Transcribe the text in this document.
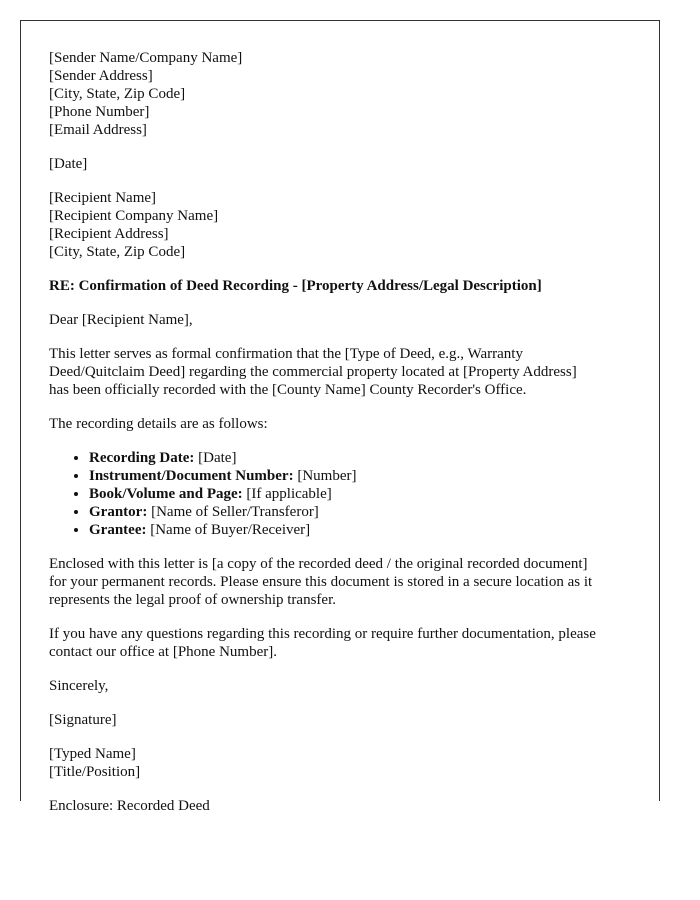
[Sender Name/Company Name]
[Sender Address]
[City, State, Zip Code]
[Phone Number]
[Email Address]
[Date]
[Recipient Name]
[Recipient Company Name]
[Recipient Address]
[City, State, Zip Code]
RE: Confirmation of Deed Recording - [Property Address/Legal Description]
Dear [Recipient Name],
This letter serves as formal confirmation that the [Type of Deed, e.g., Warranty
Deed/Quitclaim Deed] regarding the commercial property located at [Property Address]
has been officially recorded with the [County Name] County Recorder's Office.
The recording details are as follows:
• Recording Date: [Date]
• Instrument/Document Number: [Number]
• Book/Volume and Page: [If applicable]
• Grantor: [Name of Seller/Transferor]
• Grantee: [Name of Buyer/Receiver]
Enclosed with this letter is [a copy of the recorded deed / the original recorded document]
for your permanent records. Please ensure this document is stored in a secure location as it
represents the legal proof of ownership transfer.
If you have any questions regarding this recording or require further documentation, please
contact our office at [Phone Number].
Sincerely,
[Signature]
[Typed Name]
[Title/Position]
Enclosure: Recorded Deed
